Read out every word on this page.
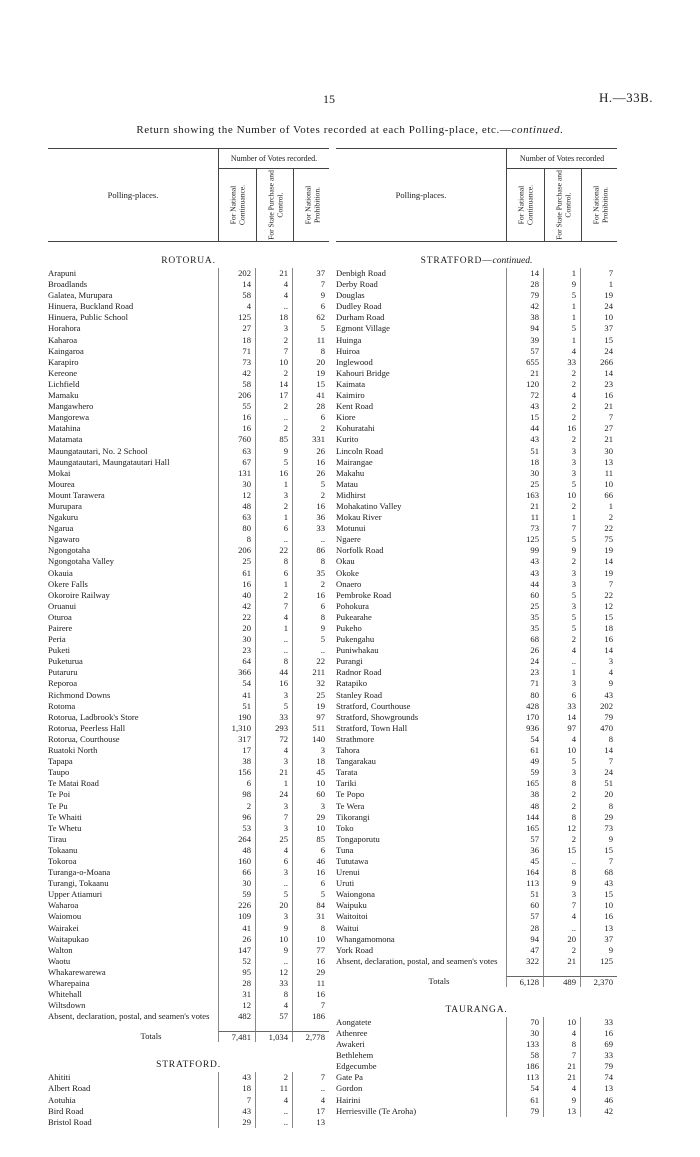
15	H.—33B.
Return showing the Number of Votes recorded at each Polling-place, etc.—continued.
Polling-places.
Number of Votes recorded.
For National Continuance.	For State Purchase and Control.	For National Prohibition.
ROTORUA.
Arapuni	202	21	37
Broadlands	14	4	7
Galatea, Murupara	58	4	9
Hinuera, Buckland Road	4	..	6
Hinuera, Public School	125	18	62
Horahora	27	3	5
Kaharoa	18	2	11
Kaingaroa	71	7	8
Karapiro	73	10	20
Kereone	42	2	19
Lichfield	58	14	15
Mamaku	206	17	41
Mangawhero	55	2	28
Mangorewa	16	..	6
Matahina	16	2	2
Matamata	760	85	331
Maungatautari, No. 2 School	63	9	26
Maungatautari, Maungatautari Hall	67	5	16
Mokai	131	16	26
Mourea	30	1	5
Mount Tarawera	12	3	2
Murupara	48	2	16
Ngakuru	63	1	36
Ngarua	80	6	33
Ngawaro	8	..	..
Ngongotaha	206	22	86
Ngongotaha Valley	25	8	8
Okauia	61	6	35
Okere Falls	16	1	2
Okoroire Railway	40	2	16
Oruanui	42	7	6
Oturoa	22	4	8
Pairere	20	1	9
Peria	30	..	5
Puketi	23	..	..
Puketurua	64	8	22
Putaruru	366	44	211
Reporoa	54	16	32
Richmond Downs	41	3	25
Rotoma	51	5	19
Rotorua, Ladbrook's Store	190	33	97
Rotorua, Peerless Hall	1,310	293	511
Rotorua, Courthouse	317	72	140
Ruatoki North	17	4	3
Tapapa	38	3	18
Taupo	156	21	45
Te Matai Road	6	1	10
Te Poi	98	24	60
Te Pu	2	3	3
Te Whaiti	96	7	29
Te Whetu	53	3	10
Tirau	264	25	85
Tokaanu	48	4	6
Tokoroa	160	6	46
Turanga-o-Moana	66	3	16
Turangi, Tokaanu	30	..	6
Upper Atiamuri	59	5	5
Waharoa	226	20	84
Waiomou	109	3	31
Wairakei	41	9	8
Waitapukao	26	10	10
Walton	147	9	77
Waotu	52	..	16
Whakarewarewa	95	12	29
Wharepaina	28	33	11
Whitehall	31	8	16
Wiltsdown	12	4	7
Absent, declaration, postal, and seamen's votes	482	57	186
Totals	7,481	1,034	2,778
STRATFORD.
Ahititi	43	2	7
Albert Road	18	11	..
Aotuhia	7	4	4
Bird Road	43	..	17
Bristol Road	29	..	13
Polling-places.
Number of Votes recorded
For National Continuance.	For State Purchase and Control.	For National Prohibition.
STRATFORD—continued.
Denbigh Road	14	1	7
Derby Road	28	9	1
Douglas	79	5	19
Dudley Road	42	1	24
Durham Road	38	1	10
Egmont Village	94	5	37
Huinga	39	1	15
Huiroa	57	4	24
Inglewood	655	33	266
Kahouri Bridge	21	2	14
Kaimata	120	2	23
Kaimiro	72	4	16
Kent Road	43	2	21
Kiore	15	2	7
Kohuratahi	44	16	27
Kurito	43	2	21
Lincoln Road	51	3	30
Mairangae	18	3	13
Makahu	30	3	11
Matau	25	5	10
Midhirst	163	10	66
Mohakatino Valley	21	2	1
Mokau River	11	1	2
Motunui	73	7	22
Ngaere	125	5	75
Norfolk Road	99	9	19
Okau	43	2	14
Okoke	43	3	19
Onaero	44	3	7
Pembroke Road	60	5	22
Pohokura	25	3	12
Pukearahe	35	5	15
Pukeho	35	5	18
Pukengahu	68	2	16
Puniwhakau	26	4	14
Purangi	24	..	3
Radnor Road	23	1	4
Ratapiko	71	3	9
Stanley Road	80	6	43
Stratford, Courthouse	428	33	202
Stratford, Showgrounds	170	14	79
Stratford, Town Hall	936	97	470
Strathmore	54	4	8
Tahora	61	10	14
Tangarakau	49	5	7
Tarata	59	3	24
Tariki	165	8	51
Te Popo	38	2	20
Te Wera	48	2	8
Tikorangi	144	8	29
Toko	165	12	73
Tongaporutu	57	2	9
Tuna	36	15	15
Tututawa	45	..	7
Urenui	164	8	68
Uruti	113	9	43
Waiongona	51	3	15
Waipuku	60	7	10
Waitoitoi	57	4	16
Waitui	28	..	13
Whangamomona	94	20	37
York Road	47	2	9
Absent, declaration, postal, and seamen's votes	322	21	125
Totals	6,128	489	2,370
TAURANGA.
Aongatete	70	10	33
Athenree	30	4	16
Awakeri	133	8	69
Bethlehem	58	7	33
Edgecumbe	186	21	79
Gate Pa	113	21	74
Gordon	54	4	13
Hairini	61	9	46
Herriesville (Te Aroha)	79	13	42
